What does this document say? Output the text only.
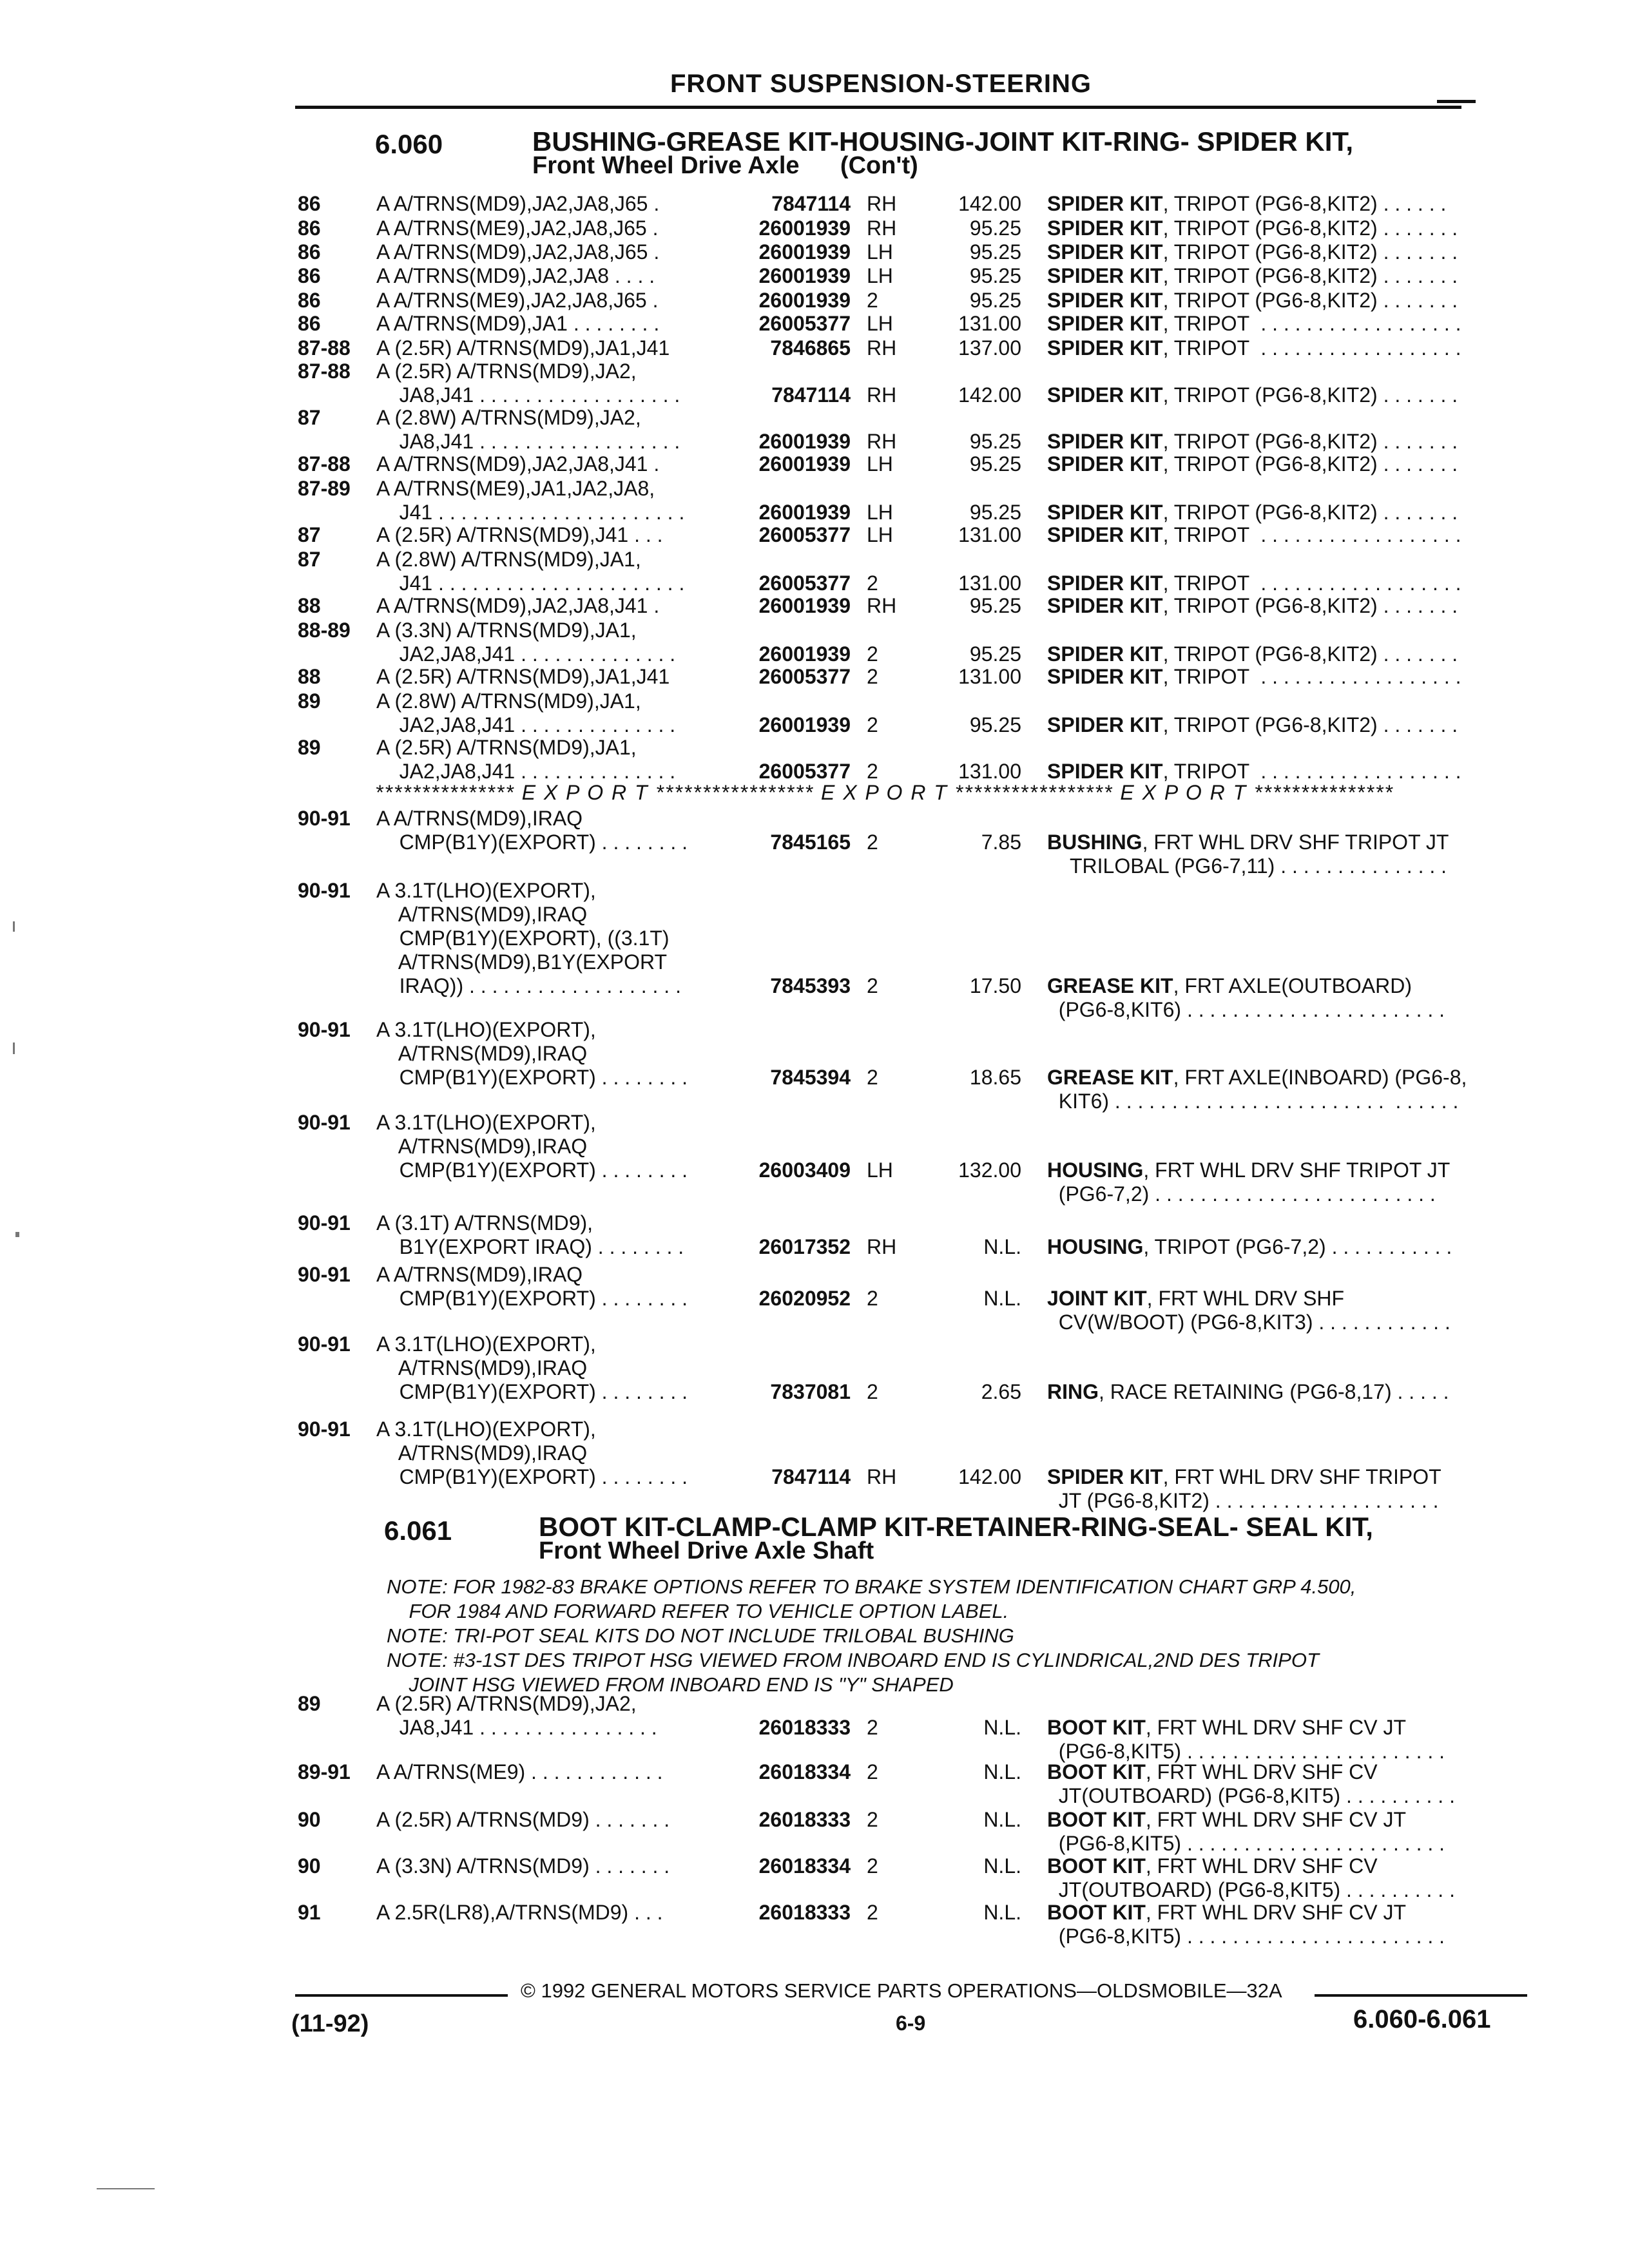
FRONT SUSPENSION-STEERING
6.060	BUSHING-GREASE KIT-HOUSING-JOINT KIT-RING- SPIDER KIT,
Front Wheel Drive Axle      (Con't)
86	A A/TRNS(MD9),JA2,JA8,J65 .	7847114 RH	142.00 SPIDER KIT, TRIPOT (PG6-8,KIT2) . . . . . .
86	A A/TRNS(ME9),JA2,JA8,J65 .	26001939 RH	95.25 SPIDER KIT, TRIPOT (PG6-8,KIT2) . . . . . . .
86	A A/TRNS(MD9),JA2,JA8,J65 .	26001939 LH	95.25 SPIDER KIT, TRIPOT (PG6-8,KIT2) . . . . . . .
86	A A/TRNS(MD9),JA2,JA8 . . . .	26001939 LH	95.25 SPIDER KIT, TRIPOT (PG6-8,KIT2) . . . . . . .
86	A A/TRNS(ME9),JA2,JA8,J65 .	26001939 2	95.25 SPIDER KIT, TRIPOT (PG6-8,KIT2) . . . . . . .
86	A A/TRNS(MD9),JA1 . . . . . . . .	26005377 LH	131.00 SPIDER KIT, TRIPOT  . . . . . . . . . . . . . . . . . .
87-88 A (2.5R) A/TRNS(MD9),JA1,J41	7846865 RH	137.00 SPIDER KIT, TRIPOT  . . . . . . . . . . . . . . . . . .
87-88 A (2.5R) A/TRNS(MD9),JA2,
JA8,J41 . . . . . . . . . . . . . . . . . .	7847114 RH	142.00 SPIDER KIT, TRIPOT (PG6-8,KIT2) . . . . . . .
87	A (2.8W) A/TRNS(MD9),JA2,
JA8,J41 . . . . . . . . . . . . . . . . . .	26001939 RH	95.25 SPIDER KIT, TRIPOT (PG6-8,KIT2) . . . . . . .
87-88 A A/TRNS(MD9),JA2,JA8,J41 .	26001939 LH	95.25 SPIDER KIT, TRIPOT (PG6-8,KIT2) . . . . . . .
87-89 A A/TRNS(ME9),JA1,JA2,JA8,
J41 . . . . . . . . . . . . . . . . . . . . . .	26001939 LH	95.25 SPIDER KIT, TRIPOT (PG6-8,KIT2) . . . . . . .
87	A (2.5R) A/TRNS(MD9),J41 . . .	26005377 LH	131.00 SPIDER KIT, TRIPOT  . . . . . . . . . . . . . . . . . .
87	A (2.8W) A/TRNS(MD9),JA1,
J41 . . . . . . . . . . . . . . . . . . . . . .	26005377 2	131.00 SPIDER KIT, TRIPOT  . . . . . . . . . . . . . . . . . .
88	A A/TRNS(MD9),JA2,JA8,J41 .	26001939 RH	95.25 SPIDER KIT, TRIPOT (PG6-8,KIT2) . . . . . . .
88-89 A (3.3N) A/TRNS(MD9),JA1,
JA2,JA8,J41 . . . . . . . . . . . . . .	26001939 2	95.25 SPIDER KIT, TRIPOT (PG6-8,KIT2) . . . . . . .
88	A (2.5R) A/TRNS(MD9),JA1,J41	26005377 2	131.00 SPIDER KIT, TRIPOT  . . . . . . . . . . . . . . . . . .
89	A (2.8W) A/TRNS(MD9),JA1,
JA2,JA8,J41 . . . . . . . . . . . . . .	26001939 2	95.25 SPIDER KIT, TRIPOT (PG6-8,KIT2) . . . . . . .
89	A (2.5R) A/TRNS(MD9),JA1,
JA2,JA8,J41 . . . . . . . . . . . . . .	26005377 2	131.00 SPIDER KIT, TRIPOT  . . . . . . . . . . . . . . . . . .
90-91 A A/TRNS(MD9),IRAQ
CMP(B1Y)(EXPORT) . . . . . . . .	7845165 2	7.85 BUSHING, FRT WHL DRV SHF TRIPOT JT
TRILOBAL (PG6-7,11) . . . . . . . . . . . . . . .
90-91 A 3.1T(LHO)(EXPORT),
A/TRNS(MD9),IRAQ
CMP(B1Y)(EXPORT), ((3.1T)
A/TRNS(MD9),B1Y(EXPORT
IRAQ)) . . . . . . . . . . . . . . . . . . .	7845393 2	17.50 GREASE KIT, FRT AXLE(OUTBOARD)
(PG6-8,KIT6) . . . . . . . . . . . . . . . . . . . . . . .
90-91 A 3.1T(LHO)(EXPORT),
A/TRNS(MD9),IRAQ
CMP(B1Y)(EXPORT) . . . . . . . .	7845394 2	18.65 GREASE KIT, FRT AXLE(INBOARD) (PG6-8,
KIT6) . . . . . . . . . . . . . . . . . . . . . . . .  . . . . . .
90-91 A 3.1T(LHO)(EXPORT),
A/TRNS(MD9),IRAQ
CMP(B1Y)(EXPORT) . . . . . . . .	26003409 LH	132.00 HOUSING, FRT WHL DRV SHF TRIPOT JT
(PG6-7,2) . . . . . . . . . . . . . . . . . . . . . . . . .
90-91 A (3.1T) A/TRNS(MD9),
B1Y(EXPORT IRAQ) . . . . . . . .	26017352 RH	N.L. HOUSING, TRIPOT (PG6-7,2) . . . . . . . . . . .
90-91 A A/TRNS(MD9),IRAQ
CMP(B1Y)(EXPORT) . . . . . . . .	26020952 2	N.L. JOINT KIT, FRT WHL DRV SHF
CV(W/BOOT) (PG6-8,KIT3) . . . . . . . . . . . .
90-91 A 3.1T(LHO)(EXPORT),
A/TRNS(MD9),IRAQ
CMP(B1Y)(EXPORT) . . . . . . . .	7837081 2	2.65 RING, RACE RETAINING (PG6-8,17) . . . . .
90-91 A 3.1T(LHO)(EXPORT),
A/TRNS(MD9),IRAQ
CMP(B1Y)(EXPORT) . . . . . . . .	7847114 RH	142.00 SPIDER KIT, FRT WHL DRV SHF TRIPOT
JT (PG6-8,KIT2) . . . . . . . . . . . . . . . . . . . .
*************** E X P O R T ***************** E X P O R T ***************** E X P O R T ***************
6.061	BOOT KIT-CLAMP-CLAMP KIT-RETAINER-RING-SEAL- SEAL KIT,
Front Wheel Drive Axle Shaft
NOTE: FOR 1982-83 BRAKE OPTIONS REFER TO BRAKE SYSTEM IDENTIFICATION CHART GRP 4.500,
FOR 1984 AND FORWARD REFER TO VEHICLE OPTION LABEL.
NOTE: TRI-POT SEAL KITS DO NOT INCLUDE TRILOBAL BUSHING
NOTE: #3-1ST DES TRIPOT HSG VIEWED FROM INBOARD END IS CYLINDRICAL,2ND DES TRIPOT
JOINT HSG VIEWED FROM INBOARD END IS "Y" SHAPED
89	A (2.5R) A/TRNS(MD9),JA2,
JA8,J41 . . . . . . . . . . . . . . . .	26018333 2	N.L. BOOT KIT, FRT WHL DRV SHF CV JT
(PG6-8,KIT5) . . . . . . . . . . . . . . . . . . . . . . .
89-91 A A/TRNS(ME9) . . . . . . . . . . . .	26018334 2	N.L. BOOT KIT, FRT WHL DRV SHF CV
JT(OUTBOARD) (PG6-8,KIT5) . . . . . . . . . .
90	A (2.5R) A/TRNS(MD9) . . . . . . .	26018333 2	N.L. BOOT KIT, FRT WHL DRV SHF CV JT
(PG6-8,KIT5) . . . . . . . . . . . . . . . . . . . . . . .
90	A (3.3N) A/TRNS(MD9) . . . . . . .	26018334 2	N.L. BOOT KIT, FRT WHL DRV SHF CV
JT(OUTBOARD) (PG6-8,KIT5) . . . . . . . . . .
91	A 2.5R(LR8),A/TRNS(MD9) . . .	26018333 2	N.L. BOOT KIT, FRT WHL DRV SHF CV JT
(PG6-8,KIT5) . . . . . . . . . . . . . . . . . . . . . . .
© 1992 GENERAL MOTORS SERVICE PARTS OPERATIONS—OLDSMOBILE—32A
(11-92)	6-9	6.060-6.061
